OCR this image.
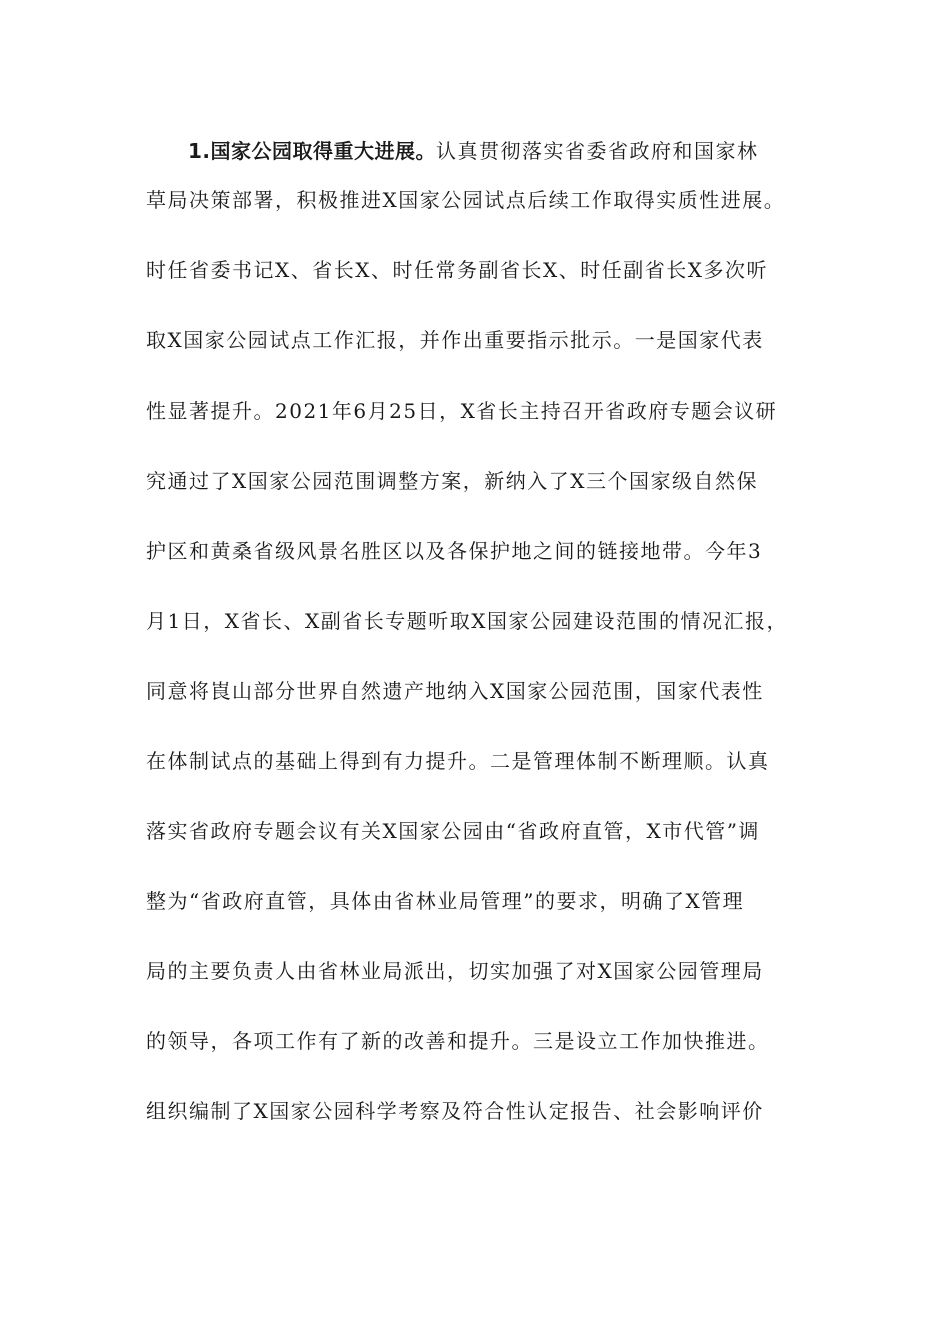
1.国家公园取得重大进展。认真贯彻落实省委省政府和国家林
草局决策部署，积极推进X国家公园试点后续工作取得实质性进展。
时任省委书记X、省长X、时任常务副省长X、时任副省长X多次听
取X国家公园试点工作汇报，并作出重要指示批示。一是国家代表
性显著提升。2021年6月25日，X省长主持召开省政府专题会议研
究通过了X国家公园范围调整方案，新纳入了X三个国家级自然保
护区和黄桑省级风景名胜区以及各保护地之间的链接地带。今年3
月1日，X省长、X副省长专题听取X国家公园建设范围的情况汇报，
同意将崀山部分世界自然遗产地纳入X国家公园范围，国家代表性
在体制试点的基础上得到有力提升。二是管理体制不断理顺。认真
落实省政府专题会议有关X国家公园由“省政府直管，X市代管”调
整为“省政府直管，具体由省林业局管理”的要求，明确了X管理
局的主要负责人由省林业局派出，切实加强了对X国家公园管理局
的领导，各项工作有了新的改善和提升。三是设立工作加快推进。
组织编制了X国家公园科学考察及符合性认定报告、社会影响评价
